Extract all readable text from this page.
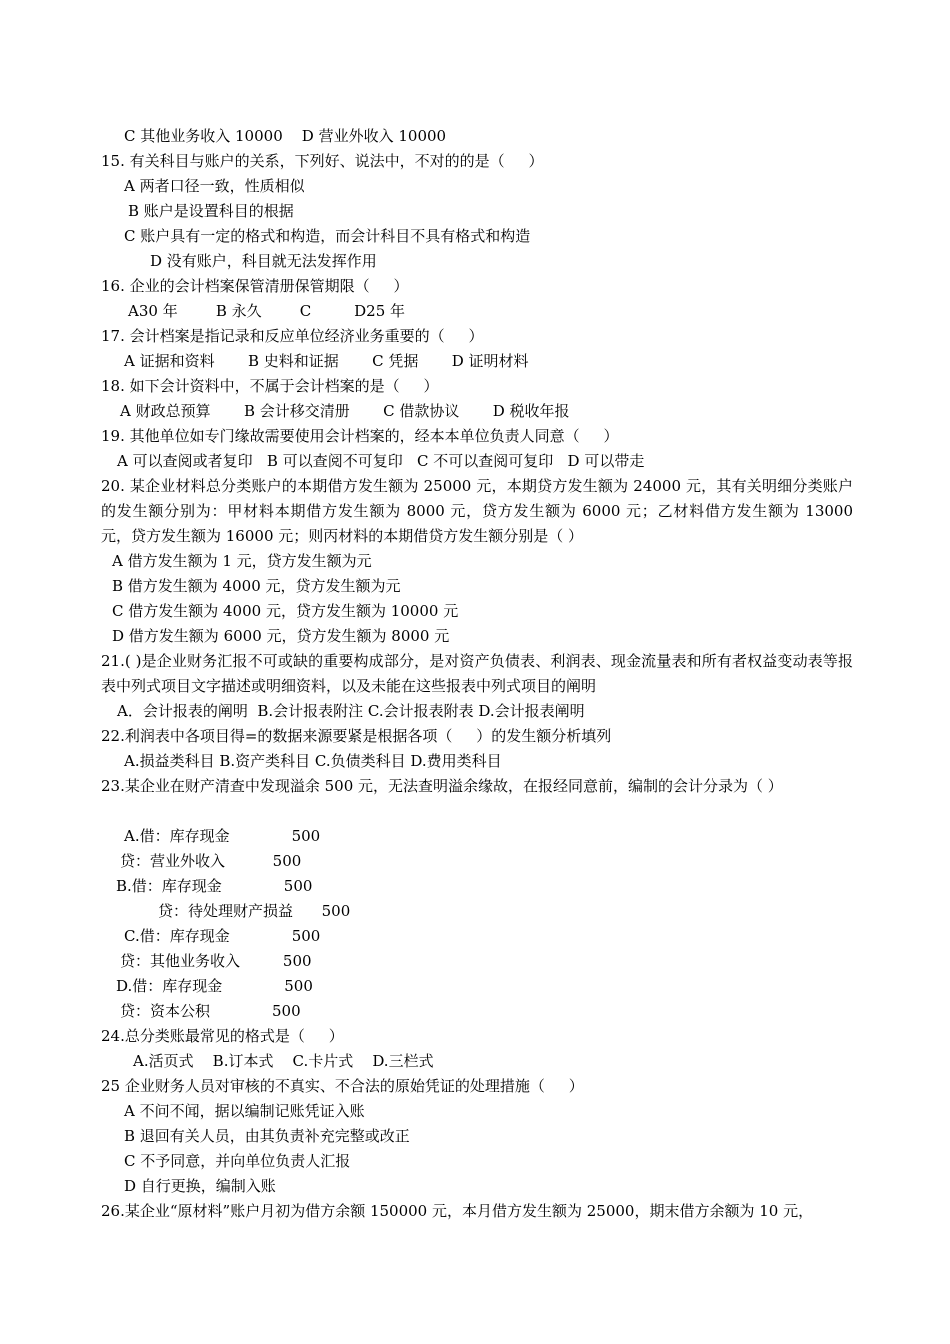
C 其他业务收入 10000    D 营业外收入 10000

15. 有关科目与账户的关系，下列好、说法中，不对的的是（     ）

A 两者口径一致，性质相似

B 账户是设置科目的根据

C 账户具有一定的格式和构造，而会计科目不具有格式和构造

D 没有账户，科目就无法发挥作用

16. 企业的会计档案保管清册保管期限（     ）

A30 年        B 永久        C         D25 年

17. 会计档案是指记录和反应单位经济业务重要的（     ）

A 证据和资料       B 史料和证据       C 凭据       D 证明材料

18. 如下会计资料中，不属于会计档案的是（     ）

A 财政总预算       B 会计移交清册       C 借款协议       D 税收年报

19. 其他单位如专门缘故需要使用会计档案的，经本本单位负责人同意（     ）

A 可以查阅或者复印   B 可以查阅不可复印   C 不可以查阅可复印   D 可以带走

20. 某企业材料总分类账户的本期借方发生额为 25000 元，本期贷方发生额为 24000 元，其有关明细分类账户的发生额分别为：甲材料本期借方发生额为 8000 元，贷方发生额为 6000 元；乙材料借方发生额为 13000 元，贷方发生额为 16000 元；则丙材料的本期借贷方发生额分别是（ ）

A 借方发生额为 1 元，贷方发生额为元

B 借方发生额为 4000 元，贷方发生额为元

C 借方发生额为 4000 元，贷方发生额为 10000 元

D 借方发生额为 6000 元，贷方发生额为 8000 元

21.( )是企业财务汇报不可或缺的重要构成部分，是对资产负债表、利润表、现金流量表和所有者权益变动表等报表中列式项目文字描述或明细资料，以及未能在这些报表中列式项目的阐明

A．会计报表的阐明  B.会计报表附注 C.会计报表附表 D.会计报表阐明

22.利润表中各项目得=的数据来源要紧是根据各项（     ）的发生额分析填列

A.损益类科目 B.资产类科目 C.负债类科目 D.费用类科目

23.某企业在财产清查中发现溢余 500 元，无法查明溢余缘故，在报经同意前，编制的会计分录为（ ）

A.借：库存现金             500

贷：营业外收入          500

B.借：库存现金             500

贷：待处理财产损益      500

C.借：库存现金             500

贷：其他业务收入         500

D.借：库存现金             500

贷：资本公积             500

24.总分类账最常见的格式是（     ）

A.活页式    B.订本式    C.卡片式    D.三栏式

25 企业财务人员对审核的不真实、不合法的原始凭证的处理措施（     ）

A 不问不闻，据以编制记账凭证入账

B 退回有关人员，由其负责补充完整或改正

C 不予同意，并向单位负责人汇报

D 自行更换，编制入账

26.某企业“原材料”账户月初为借方余额 150000 元，本月借方发生额为 25000，期末借方余额为 10 元，
